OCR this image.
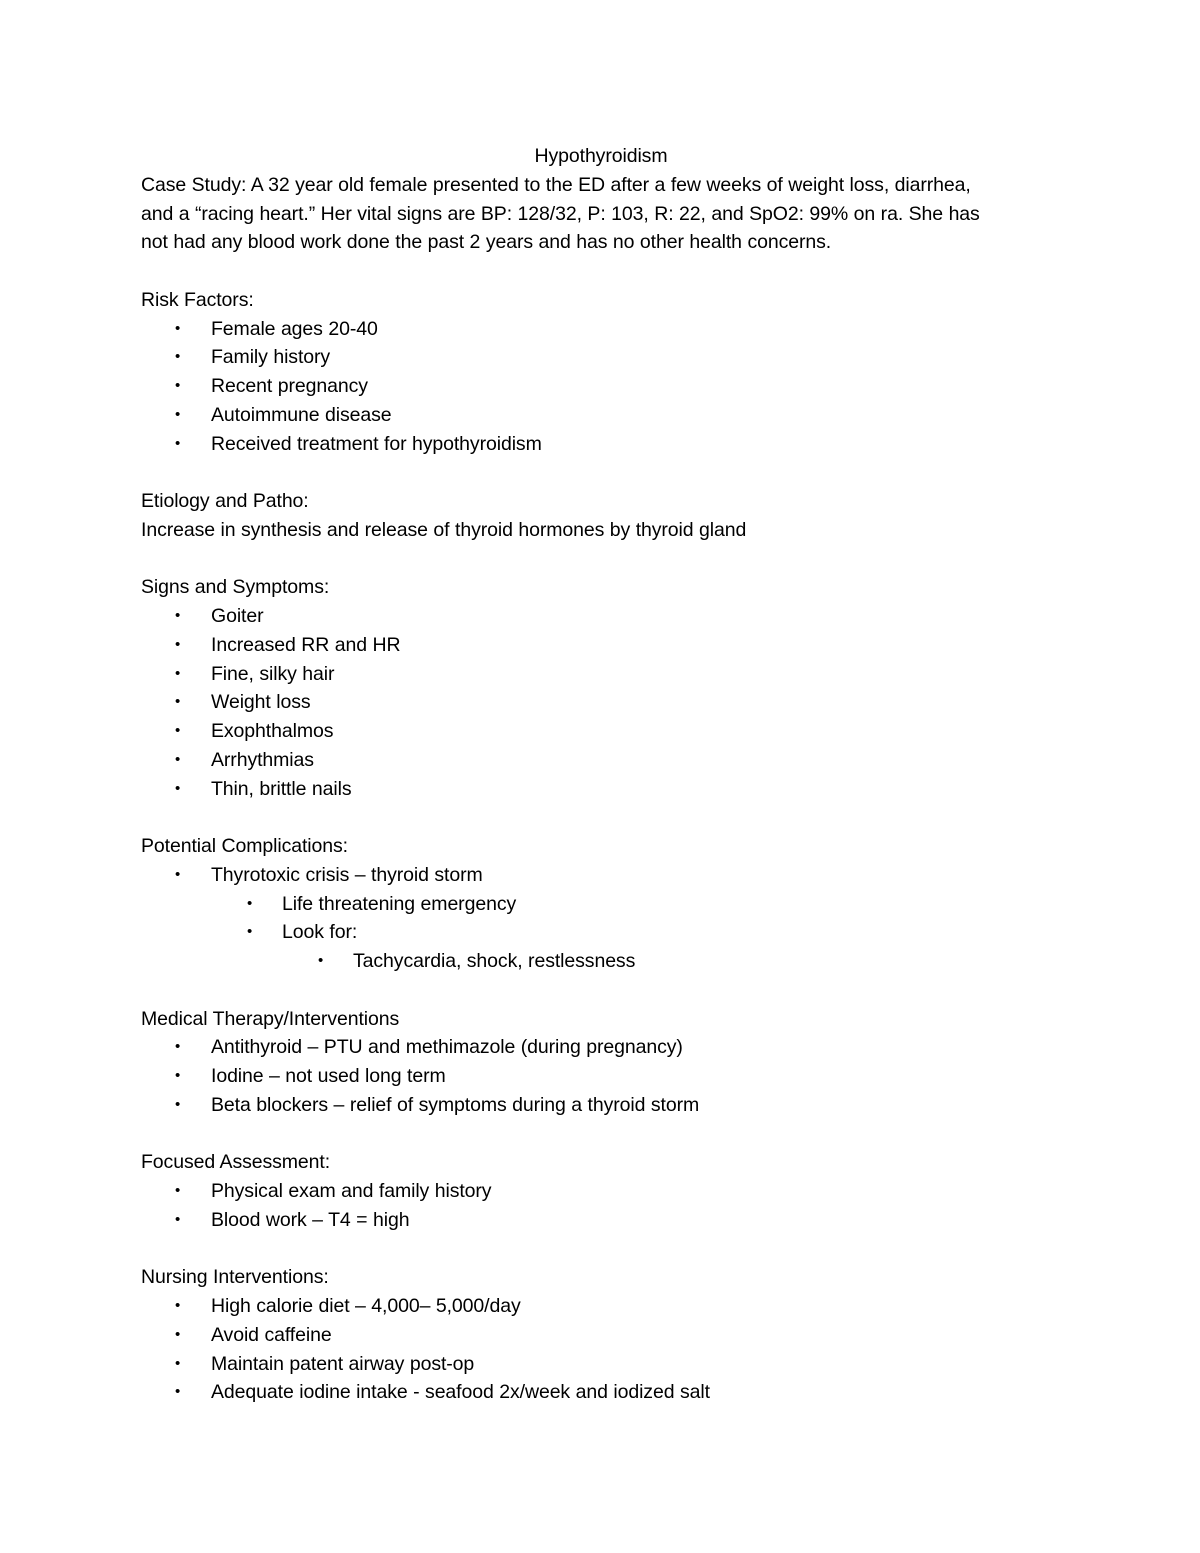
Hypothyroidism

Case Study: A 32 year old female presented to the ED after a few weeks of weight loss, diarrhea,

and a “racing heart.” Her vital signs are BP: 128/32, P: 103, R: 22, and SpO2: 99% on ra. She has

not had any blood work done the past 2 years and has no other health concerns.

Risk Factors:
• Female ages 20-40
• Family history
• Recent pregnancy
• Autoimmune disease
• Received treatment for hypothyroidism
Etiology and Patho:

Increase in synthesis and release of thyroid hormones by thyroid gland

Signs and Symptoms:
• Goiter
• Increased RR and HR
• Fine, silky hair
• Weight loss
• Exophthalmos
• Arrhythmias
• Thin, brittle nails
Potential Complications:
• Thyrotoxic crisis – thyroid storm
• Life threatening emergency
• Look for:
• Tachycardia, shock, restlessness
Medical Therapy/Interventions
• Antithyroid – PTU and methimazole (during pregnancy)
• Iodine – not used long term
• Beta blockers – relief of symptoms during a thyroid storm
Focused Assessment:
• Physical exam and family history
• Blood work – T4 = high
Nursing Interventions:
• High calorie diet – 4,000– 5,000/day
• Avoid caffeine
• Maintain patent airway post-op
• Adequate iodine intake - seafood 2x/week and iodized salt
